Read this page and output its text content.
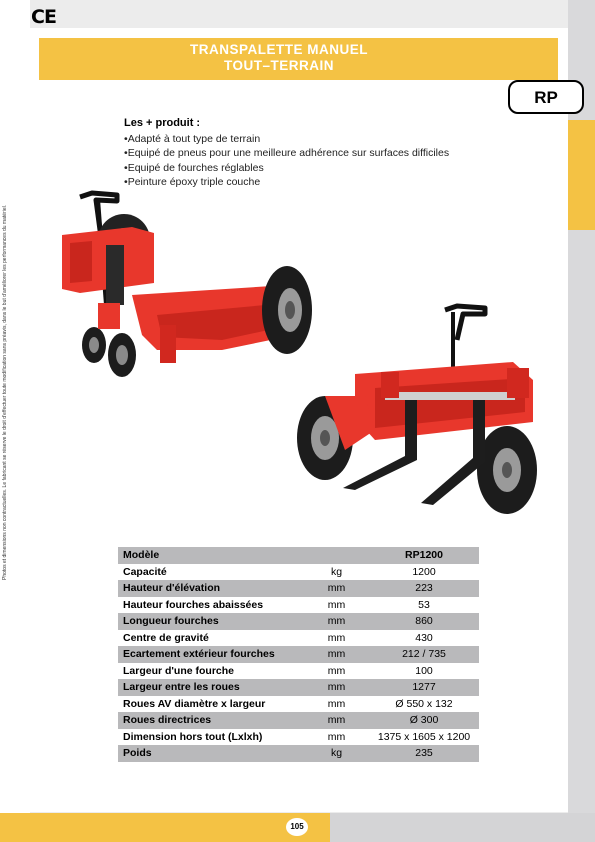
CE
TRANSPALETTE MANUEL
TOUT–TERRAIN
RP
Photos et dimensions non contractuelles. Le fabricant se réserve le droit d’effectuer toute modification sans préavis, dans le but d’améliorer les performances du matériel.
Les + produit :
• Adapté à tout type de terrain
• Equipé de pneus pour une meilleure adhérence sur surfaces difficiles
• Equipé de fourches réglables
• Peinture époxy triple couche
Modèle		RP1200
Capacité	kg	1200
Hauteur d'élévation	mm	223
Hauteur fourches abaissées	mm	53
Longueur fourches	mm	860
Centre de gravité	mm	430
Ecartement extérieur fourches	mm	212 / 735
Largeur d'une fourche	mm	100
Largeur entre les roues	mm	1277
Roues AV diamètre x largeur	mm	Ø 550 x 132
Roues directrices	mm	Ø 300
Dimension hors tout (Lxlxh)	mm	1375 x 1605 x 1200
Poids	kg	235
105
